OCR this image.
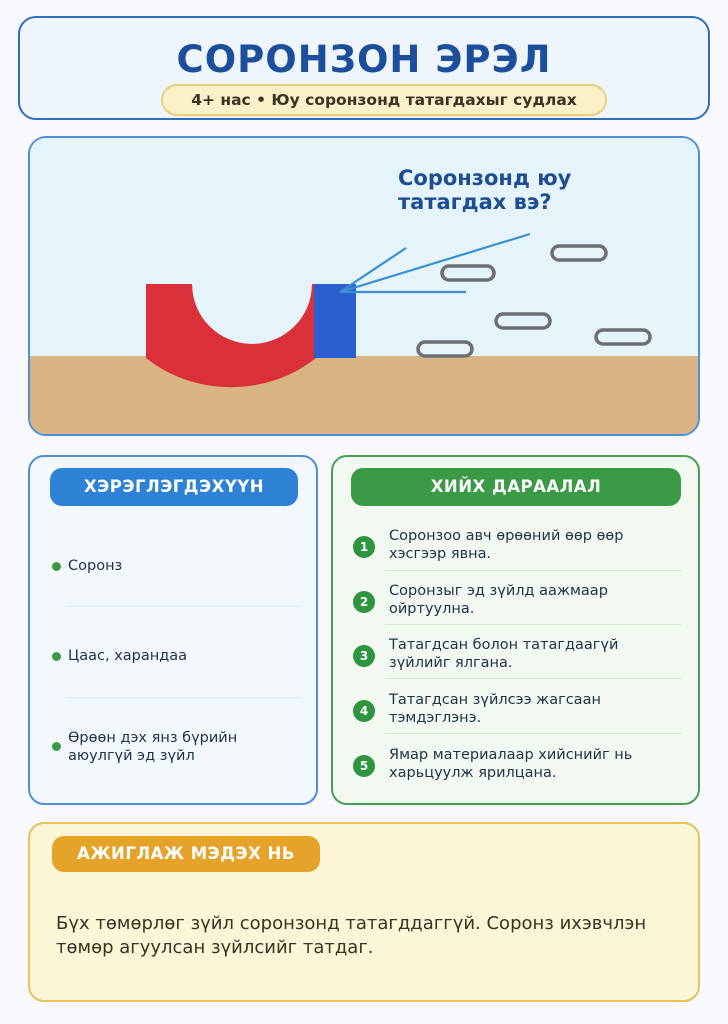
СОРОНЗОН ЭРЭЛ
4+ нас • Юу соронзонд татагдахыг судлах
Соронзонд юу татагдах вэ?
ХЭРЭГЛЭГДЭХҮҮН
Соронз
Цаас, харандаа
Өрөөн дэх янз бүрийн аюулгүй эд зүйл
ХИЙХ ДАРААЛАЛ
1
Соронзоо авч өрөөний өөр өөр хэсгээр явна.
2
Соронзыг эд зүйлд аажмаар ойртуулна.
3
Татагдсан болон татагдаагүй зүйлийг ялгана.
4
Татагдсан зүйлсээ жагсаан тэмдэглэнэ.
5
Ямар материалаар хийснийг нь харьцуулж ярилцана.
АЖИГЛАЖ МЭДЭХ НЬ
Бүх төмөрлөг зүйл соронзонд татагддаггүй. Соронз ихэвчлэн төмөр агуулсан зүйлсийг татдаг.
